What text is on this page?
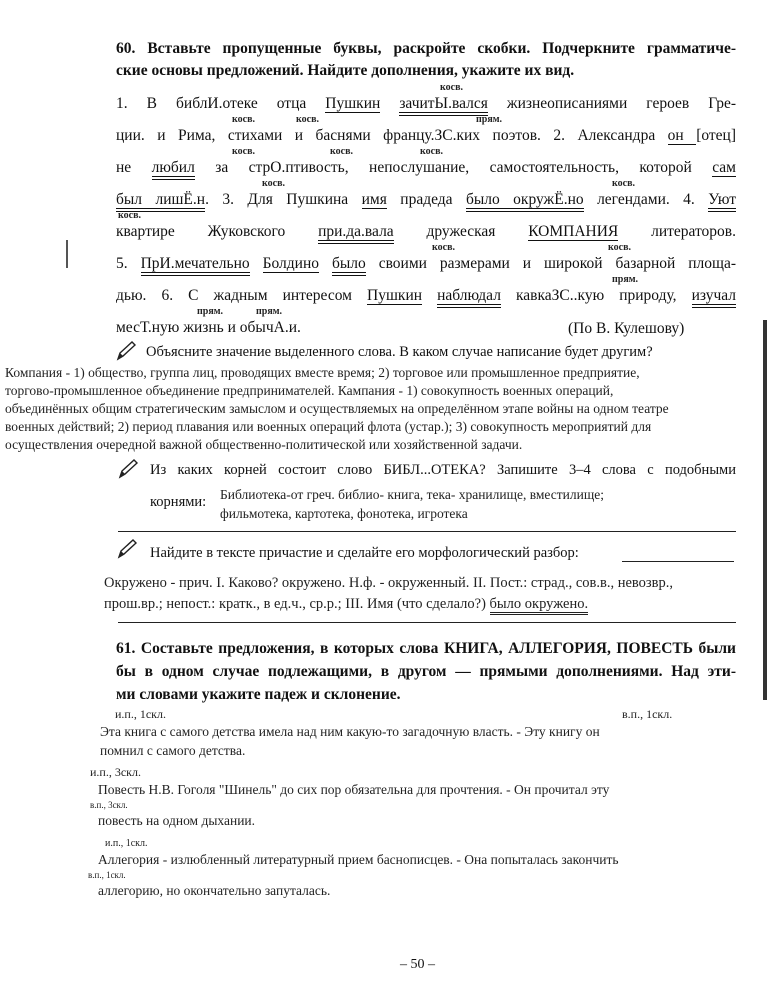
60. Вставьте пропущенные буквы, раскройте скобки. Подчеркните грамматиче-
ские основы предложений. Найдите дополнения, укажите их вид.
1. В библИ.отеке отца Пушкин зачитЫ.вался жизнеописаниями героев Гре-
ции. и Рима, стихами и баснями францу.ЗС.ких поэтов. 2. Александра он [отец]
не любил за стрО.птивость, непослушание, самостоятельность, которой сам
был лишЁ.н. 3. Для Пушкина имя прадеда было окружЁ.но легендами. 4. Уют
квартире Жуковского при.да.вала дружеская КОМПАНИЯ литераторов.
5. ПрИ.мечательно Болдино было своими размерами и широкой базарной площа-
дью. 6. С жадным интересом Пушкин наблюдал кавкаЗС..кую природу, изучал
месТ.ную жизнь и обычА.и.	(По В. Кулешову)
косв.
косв.	косв.	прям.
косв.	косв.	косв.
косв.	косв.
косв.
косв.	косв.
прям.
прям.	прям.
Объясните значение выделенного слова. В каком случае написание будет другим?
Компания - 1) общество, группа лиц, проводящих вместе время; 2) торговое или промышленное предприятие,
торгово-промышленное объединение предпринимателей. Кампания - 1) совокупность военных операций,
объединённых общим стратегическим замыслом и осуществляемых на определённом этапе войны на одном театре
военных действий; 2) период плавания или военных операций флота (устар.); 3) совокупность мероприятий для
осуществления очередной важной общественно-политической или хозяйственной задачи.
Из каких корней состоит слово БИБЛ...ОТЕКА? Запишите 3–4 слова с подобными
корнями: Библиотека-от греч. библио- книга, тека- хранилище, вместилище;
фильмотека, картотека, фонотека, игротека
Найдите в тексте причастие и сделайте его морфологический разбор:
Окружено - прич. I. Каково? окружено. Н.ф. - окруженный. II. Пост.: страд., сов.в., невозвр.,
прош.вр.; непост.: кратк., в ед.ч., ср.р.; III. Имя (что сделало?) было окружено.
61. Составьте предложения, в которых слова КНИГА, АЛЛЕГОРИЯ, ПОВЕСТЬ были
бы в одном случае подлежащими, в другом — прямыми дополнениями. Над эти-
ми словами укажите падеж и склонение.
и.п., 1скл.	в.п., 1скл.
Эта книга с самого детства имела над ним какую-то загадочную власть. - Эту книгу он
помнил с самого детства.
и.п., 3скл.
Повесть Н.В. Гоголя "Шинель" до сих пор обязательна для прочтения. - Он прочитал эту
в.п., 3скл.
повесть на одном дыхании.
и.п., 1скл.
Аллегория - излюбленный литературный прием баснописцев. - Она попыталась закончить
в.п., 1скл.
аллегорию, но окончательно запуталась.
– 50 –
